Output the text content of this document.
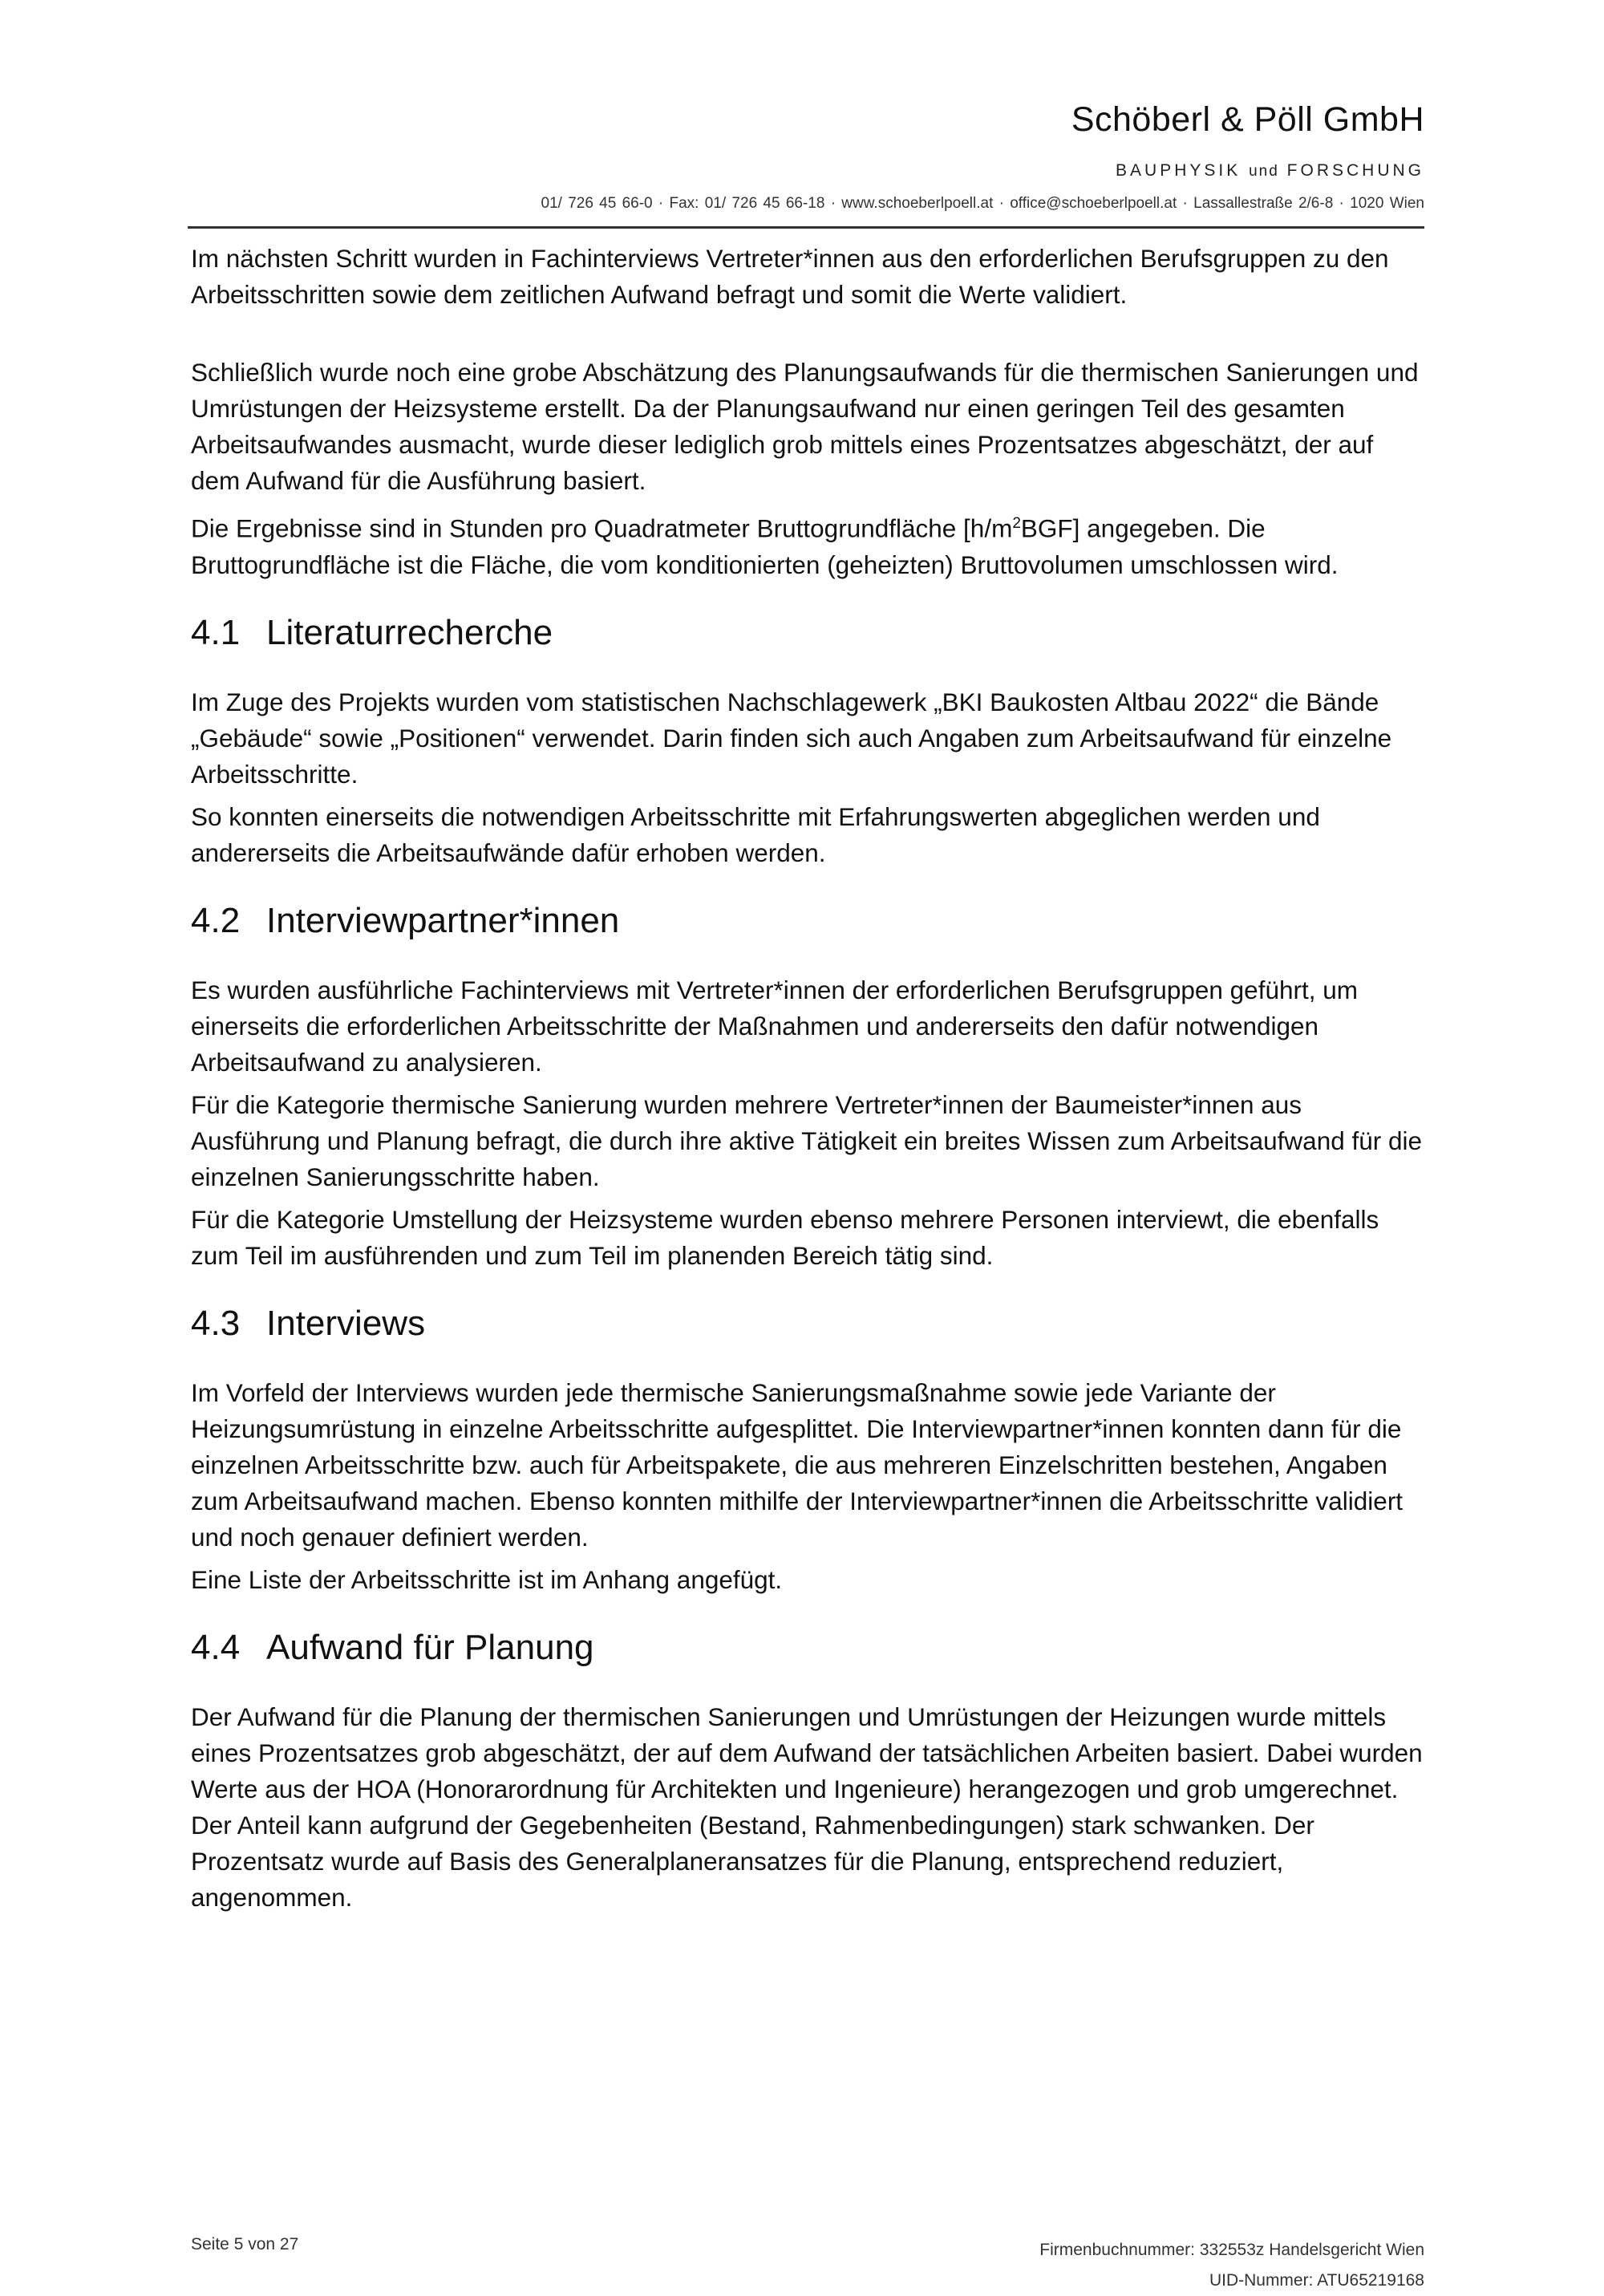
Schöberl & Pöll GmbH
BAUPHYSIK und FORSCHUNG
01/ 726 45 66-0 · Fax: 01/ 726 45 66-18 · www.schoeberlpoell.at · office@schoeberlpoell.at · Lassallestraße 2/6-8 · 1020 Wien

Im nächsten Schritt wurden in Fachinterviews Vertreter*innen aus den erforderlichen Berufsgruppen zu den Arbeitsschritten sowie dem zeitlichen Aufwand befragt und somit die Werte validiert.

Schließlich wurde noch eine grobe Abschätzung des Planungsaufwands für die thermischen Sanierungen und Umrüstungen der Heizsysteme erstellt. Da der Planungsaufwand nur einen geringen Teil des gesamten Arbeitsaufwandes ausmacht, wurde dieser lediglich grob mittels eines Prozentsatzes abgeschätzt, der auf dem Aufwand für die Ausführung basiert.

Die Ergebnisse sind in Stunden pro Quadratmeter Bruttogrundfläche $[h/m^2BGF]$ angegeben. Die Bruttogrundfläche ist die Fläche, die vom konditionierten (geheizten) Bruttovolumen umschlossen wird.

4.1 Literaturrecherche

Im Zuge des Projekts wurden vom statistischen Nachschlagewerk „BKI Baukosten Altbau 2022“ die Bände „Gebäude“ sowie „Positionen“ verwendet. Darin finden sich auch Angaben zum Arbeitsaufwand für einzelne Arbeitsschritte.

So konnten einerseits die notwendigen Arbeitsschritte mit Erfahrungswerten abgeglichen werden und andererseits die Arbeitsaufwände dafür erhoben werden.

4.2 Interviewpartner*innen

Es wurden ausführliche Fachinterviews mit Vertreter*innen der erforderlichen Berufsgruppen geführt, um einerseits die erforderlichen Arbeitsschritte der Maßnahmen und andererseits den dafür notwendigen Arbeitsaufwand zu analysieren.

Für die Kategorie thermische Sanierung wurden mehrere Vertreter*innen der Baumeister*innen aus Ausführung und Planung befragt, die durch ihre aktive Tätigkeit ein breites Wissen zum Arbeitsaufwand für die einzelnen Sanierungsschritte haben.

Für die Kategorie Umstellung der Heizsysteme wurden ebenso mehrere Personen interviewt, die ebenfalls zum Teil im ausführenden und zum Teil im planenden Bereich tätig sind.

4.3 Interviews

Im Vorfeld der Interviews wurden jede thermische Sanierungsmaßnahme sowie jede Variante der Heizungsumrüstung in einzelne Arbeitsschritte aufgesplittet. Die Interviewpartner*innen konnten dann für die einzelnen Arbeitsschritte bzw. auch für Arbeitspakete, die aus mehreren Einzelschritten bestehen, Angaben zum Arbeitsaufwand machen. Ebenso konnten mithilfe der Interviewpartner*innen die Arbeitsschritte validiert und noch genauer definiert werden.

Eine Liste der Arbeitsschritte ist im Anhang angefügt.

4.4 Aufwand für Planung

Der Aufwand für die Planung der thermischen Sanierungen und Umrüstungen der Heizungen wurde mittels eines Prozentsatzes grob abgeschätzt, der auf dem Aufwand der tatsächlichen Arbeiten basiert. Dabei wurden Werte aus der HOA (Honorarordnung für Architekten und Ingenieure) herangezogen und grob umgerechnet. Der Anteil kann aufgrund der Gegebenheiten (Bestand, Rahmenbedingungen) stark schwanken. Der Prozentsatz wurde auf Basis des Generalplaneransatzes für die Planung, entsprechend reduziert, angenommen.

Seite 5 von 27	Firmenbuchnummer: 332553z Handelsgericht Wien
UID-Nummer: ATU65219168
